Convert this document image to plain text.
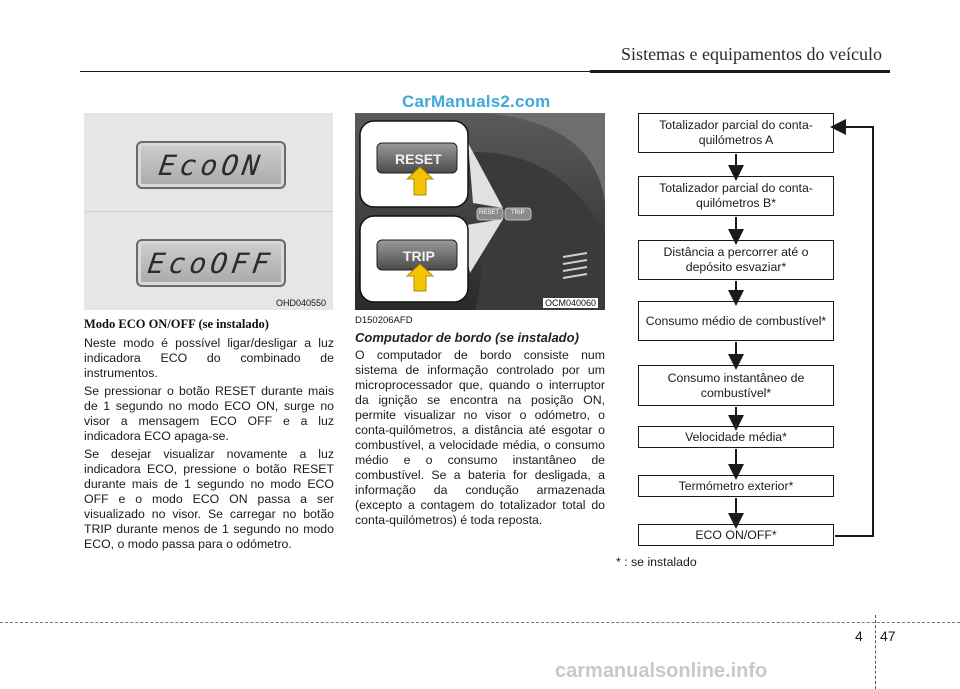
Sistemas e equipamentos do veículo
CarManuals2.com
EcoON
EcoOFF
OHD040550
RESET
TRIP
RESET TRIP
OCM040060
Modo ECO ON/OFF (se instalado)

Neste modo é possível ligar/desligar a luz indicadora ECO do combinado de instrumentos.

Se pressionar o botão RESET durante mais de 1 segundo no modo ECO ON, surge no visor a mensagem ECO OFF e a luz indicadora ECO apaga-se.

Se desejar visualizar novamente a luz indicadora ECO, pressione o botão RESET durante mais de 1 segundo no modo ECO OFF e o modo ECO ON passa a ser visualizado no visor. Se carregar no botão TRIP durante menos de 1 segundo no modo ECO, o modo passa para o odómetro.

D150206AFD
Computador de bordo (se instalado)

O computador de bordo consiste num sistema de informação controlado por um microprocessador que, quando o interruptor da ignição se encontra na posição ON, permite visualizar no visor o odómetro, o conta-quilómetros, a distância até esgotar o combustível, a velocidade média, o consumo médio e o consumo instantâneo de combustível. Se a bateria for desligada, a informação da condução armazenada (excepto a contagem do totalizador total do conta-quilómetros) é toda reposta.

Totalizador parcial do conta-quilómetros A
Totalizador parcial do conta-quilómetros B*
Distância a percorrer até o depósito esvaziar*
Consumo médio de combustível*
Consumo instantâneo de combustível*
Velocidade média*
Termómetro exterior*
ECO ON/OFF*
* : se instalado
4 47
carmanualsonline.info
